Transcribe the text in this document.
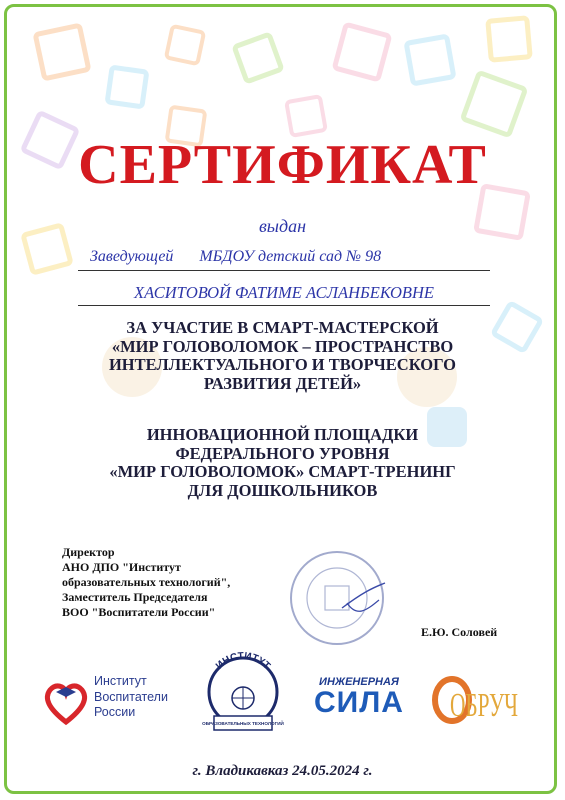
СЕРТИФИКАТ
выдан
Заведующей МБДОУ детский сад № 98
ХАСИТОВОЙ ФАТИМЕ АСЛАНБЕКОВНЕ
ЗА УЧАСТИЕ В СМАРТ-МАСТЕРСКОЙ
«МИР ГОЛОВОЛОМОК – ПРОСТРАНСТВО
ИНТЕЛЛЕКТУАЛЬНОГО И ТВОРЧЕСКОГО
РАЗВИТИЯ ДЕТЕЙ»
ИННОВАЦИОННОЙ ПЛОЩАДКИ
ФЕДЕРАЛЬНОГО УРОВНЯ
«МИР ГОЛОВОЛОМОК» СМАРТ-ТРЕНИНГ
ДЛЯ ДОШКОЛЬНИКОВ
Директор
АНО ДПО "Институт
образовательных технологий",
Заместитель Председателя
ВОО "Воспитатели России"
Е.Ю. Соловей
Институт
Воспитатели
России
ИНСТИТУТ
ОБРАЗОВАТЕЛЬНЫХ ТЕХНОЛОГИЙ
ИНЖЕНЕРНАЯ
СИЛА ОБРУЧ
г. Владикавказ 24.05.2024 г.
